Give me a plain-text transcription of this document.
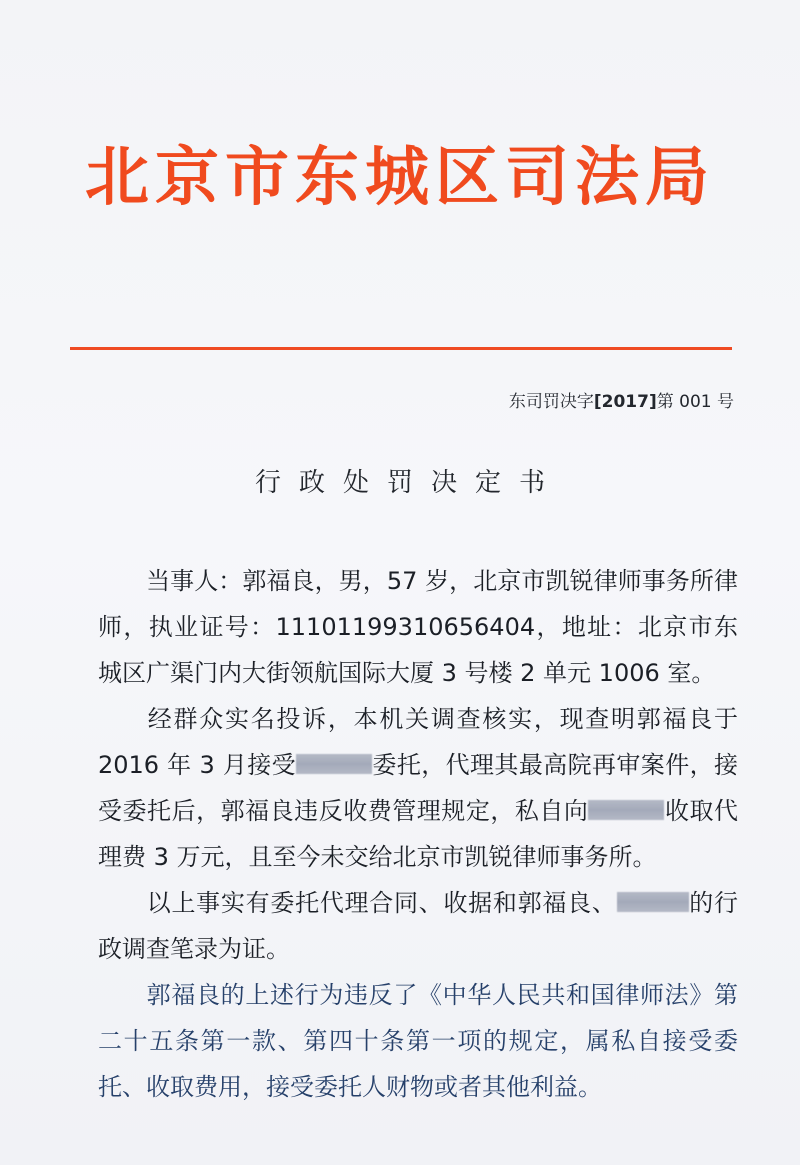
北京市东城区司法局
东司罚决字[2017]第 001 号
行政处罚决定书

当事人：郭福良，男，57 岁，北京市凯锐律师事务所律师，执业证号：11101199310656404，地址：北京市东城区广渠门内大街领航国际大厦 3 号楼 2 单元 1006 室。

经群众实名投诉，本机关调查核实，现查明郭福良于 2016 年 3 月接受	委托，代理其最高院再审案件，接受委托后，郭福良违反收费管理规定，私自向	收取代理费 3 万元，且至今未交给北京市凯锐律师事务所。

以上事实有委托代理合同、收据和郭福良、	的行政调查笔录为证。

郭福良的上述行为违反了《中华人民共和国律师法》第二十五条第一款、第四十条第一项的规定，属私自接受委托、收取费用，接受委托人财物或者其他利益。
